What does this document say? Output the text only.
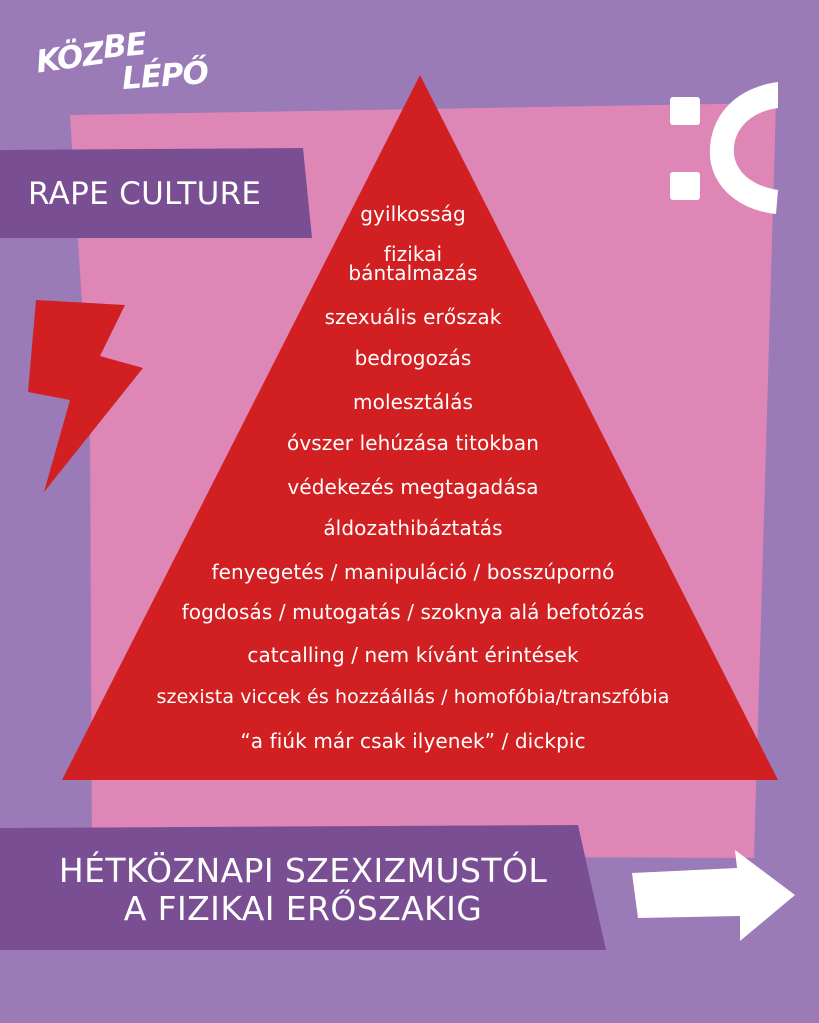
KÖZ
BE
LÉPŐ
RAPE CULTURE
gyilkosság
fizikai
bántalmazás
szexuális erőszak
bedrogozás
molesztálás
óvszer lehúzása titokban
védekezés megtagadása
áldozathibáztatás
fenyegetés / manipuláció / bosszúpornó
fogdosás / mutogatás / szoknya alá befotózás
catcalling / nem kívánt érintések
szexista viccek és hozzáállás / homofóbia/transzfóbia
“a fiúk már csak ilyenek” / dickpic
HÉTKÖZNAPI SZEXIZMUSTÓL
A FIZIKAI ERŐSZAKIG
